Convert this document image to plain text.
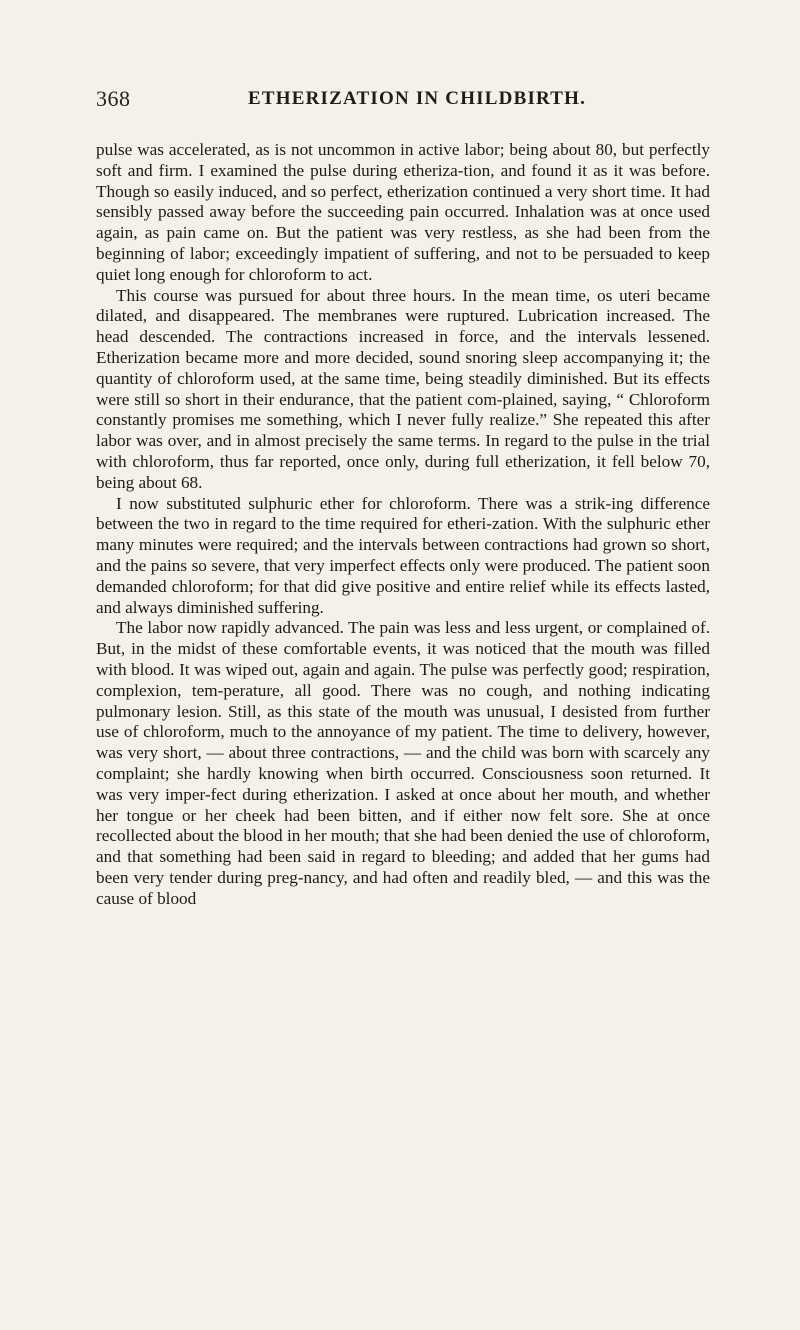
368	ETHERIZATION IN CHILDBIRTH.

pulse was accelerated, as is not uncommon in active labor; being about 80, but perfectly soft and firm. I examined the pulse during etheriza-tion, and found it as it was before. Though so easily induced, and so perfect, etherization continued a very short time. It had sensibly passed away before the succeeding pain occurred. Inhalation was at once used again, as pain came on. But the patient was very restless, as she had been from the beginning of labor; exceedingly impatient of suffering, and not to be persuaded to keep quiet long enough for chloroform to act.

This course was pursued for about three hours. In the mean time, os uteri became dilated, and disappeared. The membranes were ruptured. Lubrication increased. The head descended. The contractions increased in force, and the intervals lessened. Etherization became more and more decided, sound snoring sleep accompanying it; the quantity of chloroform used, at the same time, being steadily diminished. But its effects were still so short in their endurance, that the patient com-plained, saying, “ Chloroform constantly promises me something, which I never fully realize.” She repeated this after labor was over, and in almost precisely the same terms. In regard to the pulse in the trial with chloroform, thus far reported, once only, during full etherization, it fell below 70, being about 68.

I now substituted sulphuric ether for chloroform. There was a strik-ing difference between the two in regard to the time required for etheri-zation. With the sulphuric ether many minutes were required; and the intervals between contractions had grown so short, and the pains so severe, that very imperfect effects only were produced. The patient soon demanded chloroform; for that did give positive and entire relief while its effects lasted, and always diminished suffering.

The labor now rapidly advanced. The pain was less and less urgent, or complained of. But, in the midst of these comfortable events, it was noticed that the mouth was filled with blood. It was wiped out, again and again. The pulse was perfectly good; respiration, complexion, tem-perature, all good. There was no cough, and nothing indicating pulmonary lesion. Still, as this state of the mouth was unusual, I desisted from further use of chloroform, much to the annoyance of my patient. The time to delivery, however, was very short, — about three contractions, — and the child was born with scarcely any complaint; she hardly knowing when birth occurred. Consciousness soon returned. It was very imper-fect during etherization. I asked at once about her mouth, and whether her tongue or her cheek had been bitten, and if either now felt sore. She at once recollected about the blood in her mouth; that she had been denied the use of chloroform, and that something had been said in regard to bleeding; and added that her gums had been very tender during preg-nancy, and had often and readily bled, — and this was the cause of blood
